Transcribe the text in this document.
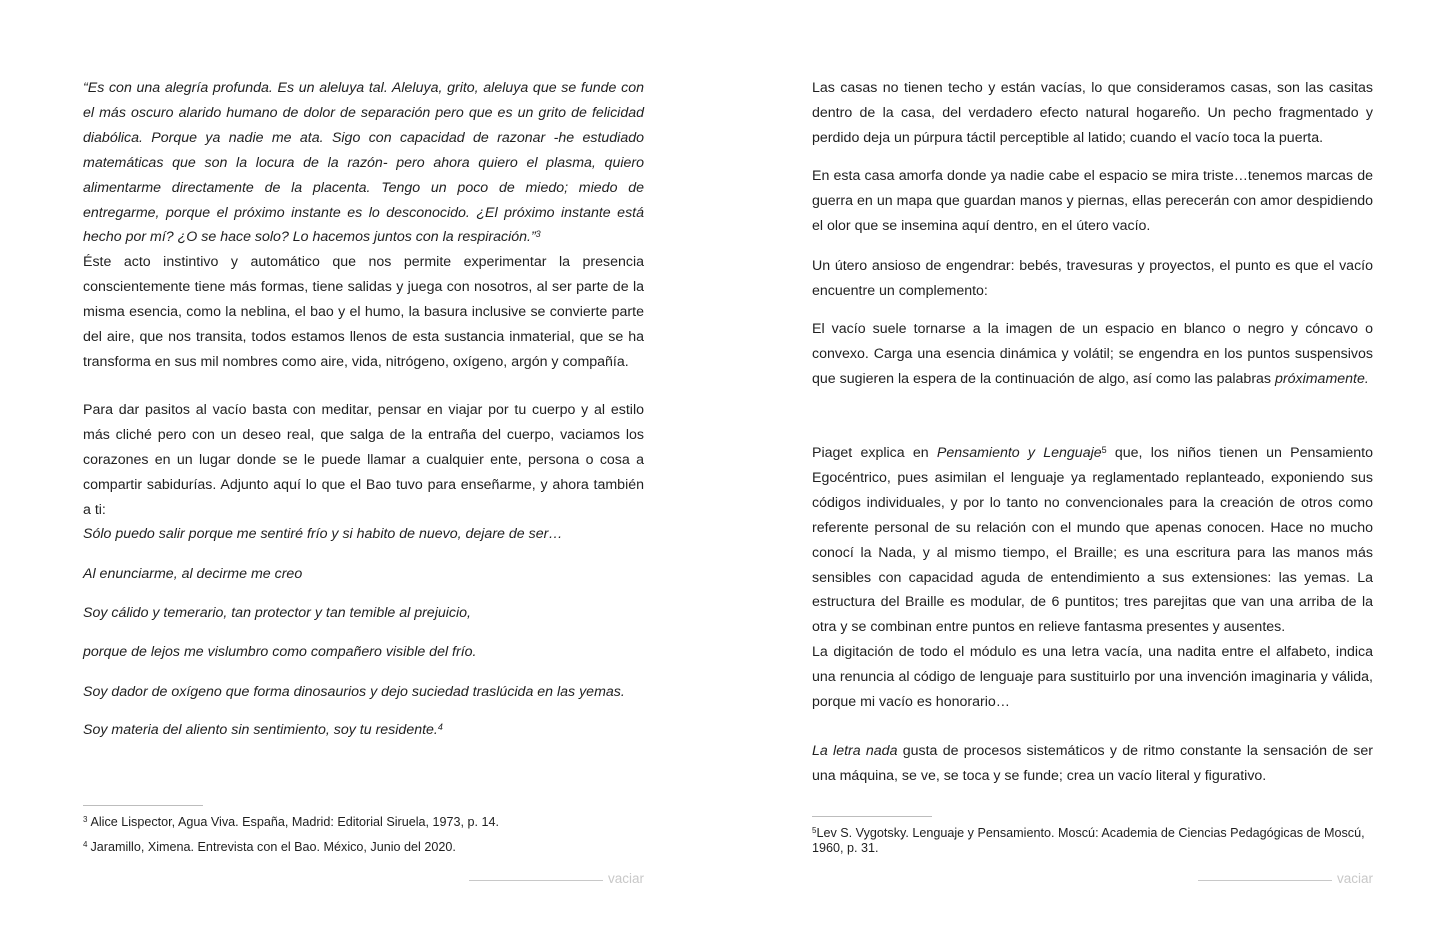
“Es con una alegría profunda. Es un aleluya tal. Aleluya, grito, aleluya que se funde con el más oscuro alarido humano de dolor de separación pero que es un grito de felicidad diabólica. Porque ya nadie me ata. Sigo con capacidad de razonar -he estudiado matemáticas que son la locura de la razón- pero ahora quiero el plasma, quiero alimentarme directamente de la placenta. Tengo un poco de miedo; miedo de entregarme, porque el próximo instante es lo desconocido. ¿El próximo instante está hecho por mí? ¿O se hace solo? Lo hacemos juntos con la respiración.”$^3$

Éste acto instintivo y automático que nos permite experimentar la presencia conscientemente tiene más formas, tiene salidas y juega con nosotros, al ser parte de la misma esencia, como la neblina, el bao y el humo, la basura inclusive se convierte parte del aire, que nos transita, todos estamos llenos de esta sustancia inmaterial, que se ha transforma en sus mil nombres como aire, vida, nitrógeno, oxígeno, argón y compañía.

Para dar pasitos al vacío basta con meditar, pensar en viajar por tu cuerpo y al estilo más cliché pero con un deseo real, que salga de la entraña del cuerpo, vaciamos los corazones en un lugar donde se le puede llamar a cualquier ente, persona o cosa a compartir sabidurías. Adjunto aquí lo que el Bao tuvo para enseñarme, y ahora también a ti:

Sólo puedo salir porque me sentiré frío y si habito de nuevo, dejare de ser…

Al enunciarme, al decirme me creo

Soy cálido y temerario, tan protector y tan temible al prejuicio,

porque de lejos me vislumbro como compañero visible del frío.

Soy dador de oxígeno que forma dinosaurios y dejo suciedad traslúcida en las yemas.

Soy materia del aliento sin sentimiento, soy tu residente.$^4$

$^3$ Alice Lispector, Agua Viva. España, Madrid: Editorial Siruela, 1973, p. 14.

$^4$ Jaramillo, Ximena. Entrevista con el Bao. México, Junio del 2020.

vaciar

Las casas no tienen techo y están vacías, lo que consideramos casas, son las casitas dentro de la casa, del verdadero efecto natural hogareño. Un pecho fragmentado y perdido deja un púrpura táctil perceptible al latido; cuando el vacío toca la puerta.

En esta casa amorfa donde ya nadie cabe el espacio se mira triste…tenemos marcas de guerra en un mapa que guardan manos y piernas, ellas perecerán con amor despidiendo el olor que se insemina aquí dentro, en el útero vacío.

Un útero ansioso de engendrar: bebés, travesuras y proyectos, el punto es que el vacío encuentre un complemento:

El vacío suele tornarse a la imagen de un espacio en blanco o negro y cóncavo o convexo. Carga una esencia dinámica y volátil; se engendra en los puntos suspensivos que sugieren la espera de la continuación de algo, así como las palabras próximamente.

Piaget explica en Pensamiento y Lenguaje$^5$ que, los niños tienen un Pensamiento Egocéntrico, pues asimilan el lenguaje ya reglamentado replanteado, exponiendo sus códigos individuales, y por lo tanto no convencionales para la creación de otros como referente personal de su relación con el mundo que apenas conocen. Hace no mucho conocí la Nada, y al mismo tiempo, el Braille; es una escritura para las manos más sensibles con capacidad aguda de entendimiento a sus extensiones: las yemas. La estructura del Braille es modular, de 6 puntitos; tres parejitas que van una arriba de la otra y se combinan entre puntos en relieve fantasma presentes y ausentes.

La digitación de todo el módulo es una letra vacía, una nadita entre el alfabeto, indica una renuncia al código de lenguaje para sustituirlo por una invención imaginaria y válida, porque mi vacío es honorario…

La letra nada gusta de procesos sistemáticos y de ritmo constante la sensación de ser una máquina, se ve, se toca y se funde; crea un vacío literal y figurativo.

$^5$Lev S. Vygotsky. Lenguaje y Pensamiento. Moscú: Academia de Ciencias Pedagógicas de Moscú, 1960, p. 31.

vaciar
